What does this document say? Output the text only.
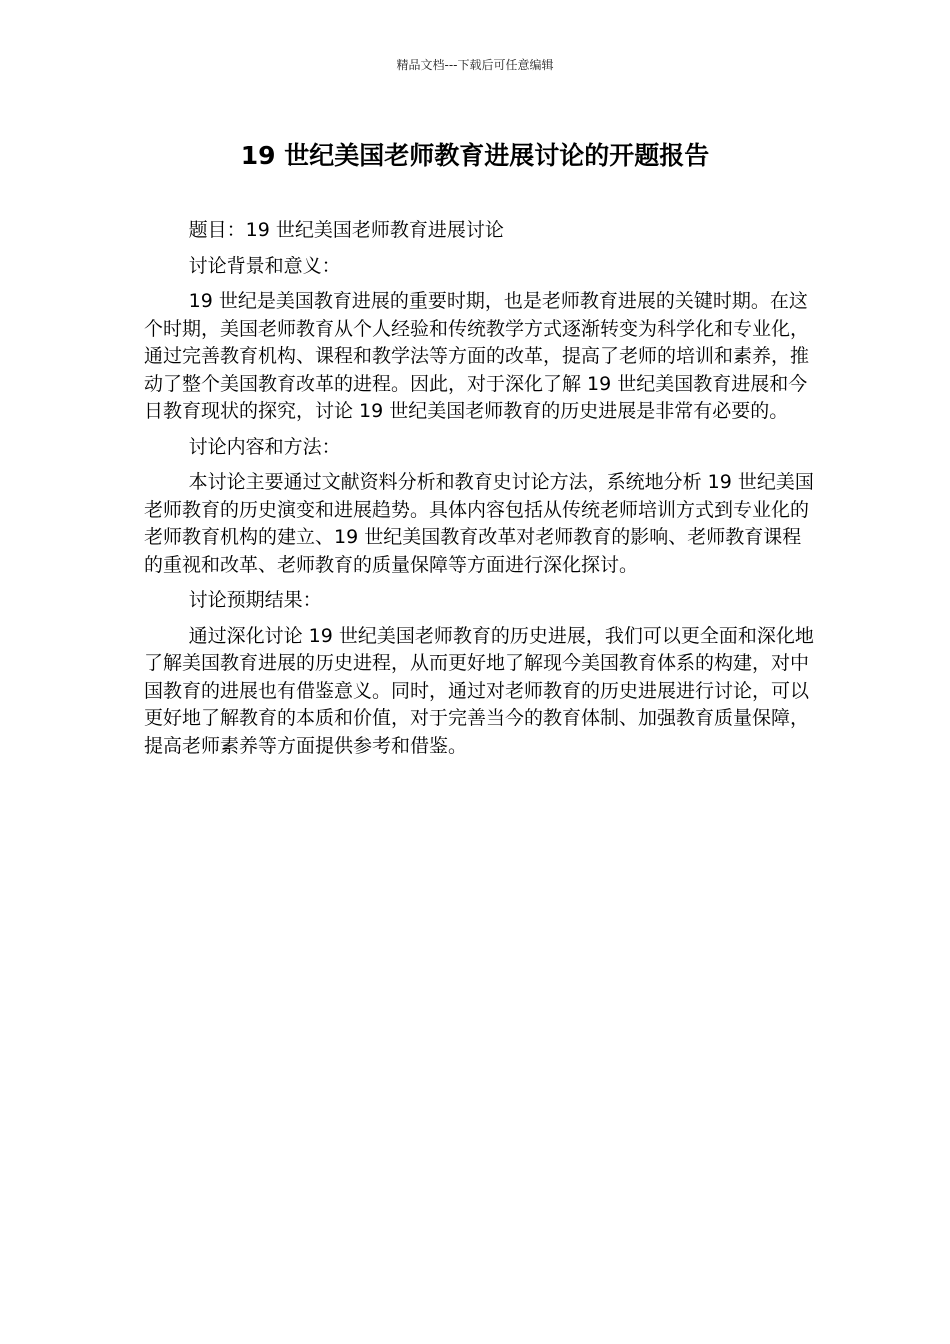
精品文档---下载后可任意编辑
19 世纪美国老师教育进展讨论的开题报告

题目：19 世纪美国老师教育进展讨论

讨论背景和意义：

19 世纪是美国教育进展的重要时期，也是老师教育进展的关键时期。在这个时期，美国老师教育从个人经验和传统教学方式逐渐转变为科学化和专业化，通过完善教育机构、课程和教学法等方面的改革，提高了老师的培训和素养，推动了整个美国教育改革的进程。因此，对于深化了解 19 世纪美国教育进展和今日教育现状的探究，讨论 19 世纪美国老师教育的历史进展是非常有必要的。

讨论内容和方法：

本讨论主要通过文献资料分析和教育史讨论方法，系统地分析 19 世纪美国老师教育的历史演变和进展趋势。具体内容包括从传统老师培训方式到专业化的老师教育机构的建立、19 世纪美国教育改革对老师教育的影响、老师教育课程的重视和改革、老师教育的质量保障等方面进行深化探讨。

讨论预期结果：

通过深化讨论 19 世纪美国老师教育的历史进展，我们可以更全面和深化地了解美国教育进展的历史进程，从而更好地了解现今美国教育体系的构建，对中国教育的进展也有借鉴意义。同时，通过对老师教育的历史进展进行讨论，可以更好地了解教育的本质和价值，对于完善当今的教育体制、加强教育质量保障，提高老师素养等方面提供参考和借鉴。
